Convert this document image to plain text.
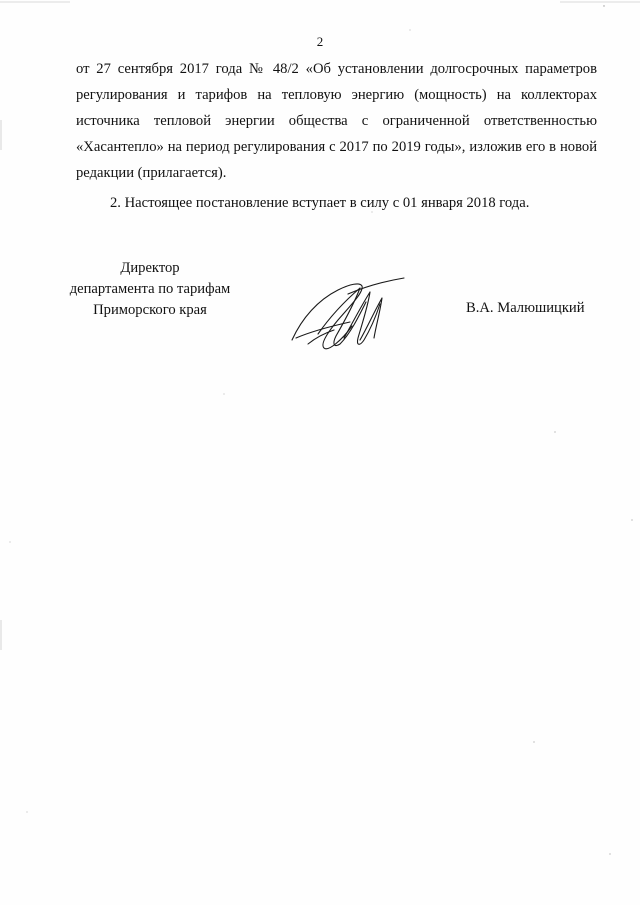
2

от 27 сентября 2017 года № 48/2 «Об установлении долгосрочных параметров регулирования и тарифов на тепловую энергию (мощность) на коллекторах источника тепловой энергии общества с ограниченной ответственностью «Хасантепло» на период регулирования с 2017 по 2019 годы», изложив его в новой редакции (прилагается).

2. Настоящее постановление вступает в силу с 01 января 2018 года.

Директор
департамента по тарифам
Приморского края	В.А. Малюшицкий
